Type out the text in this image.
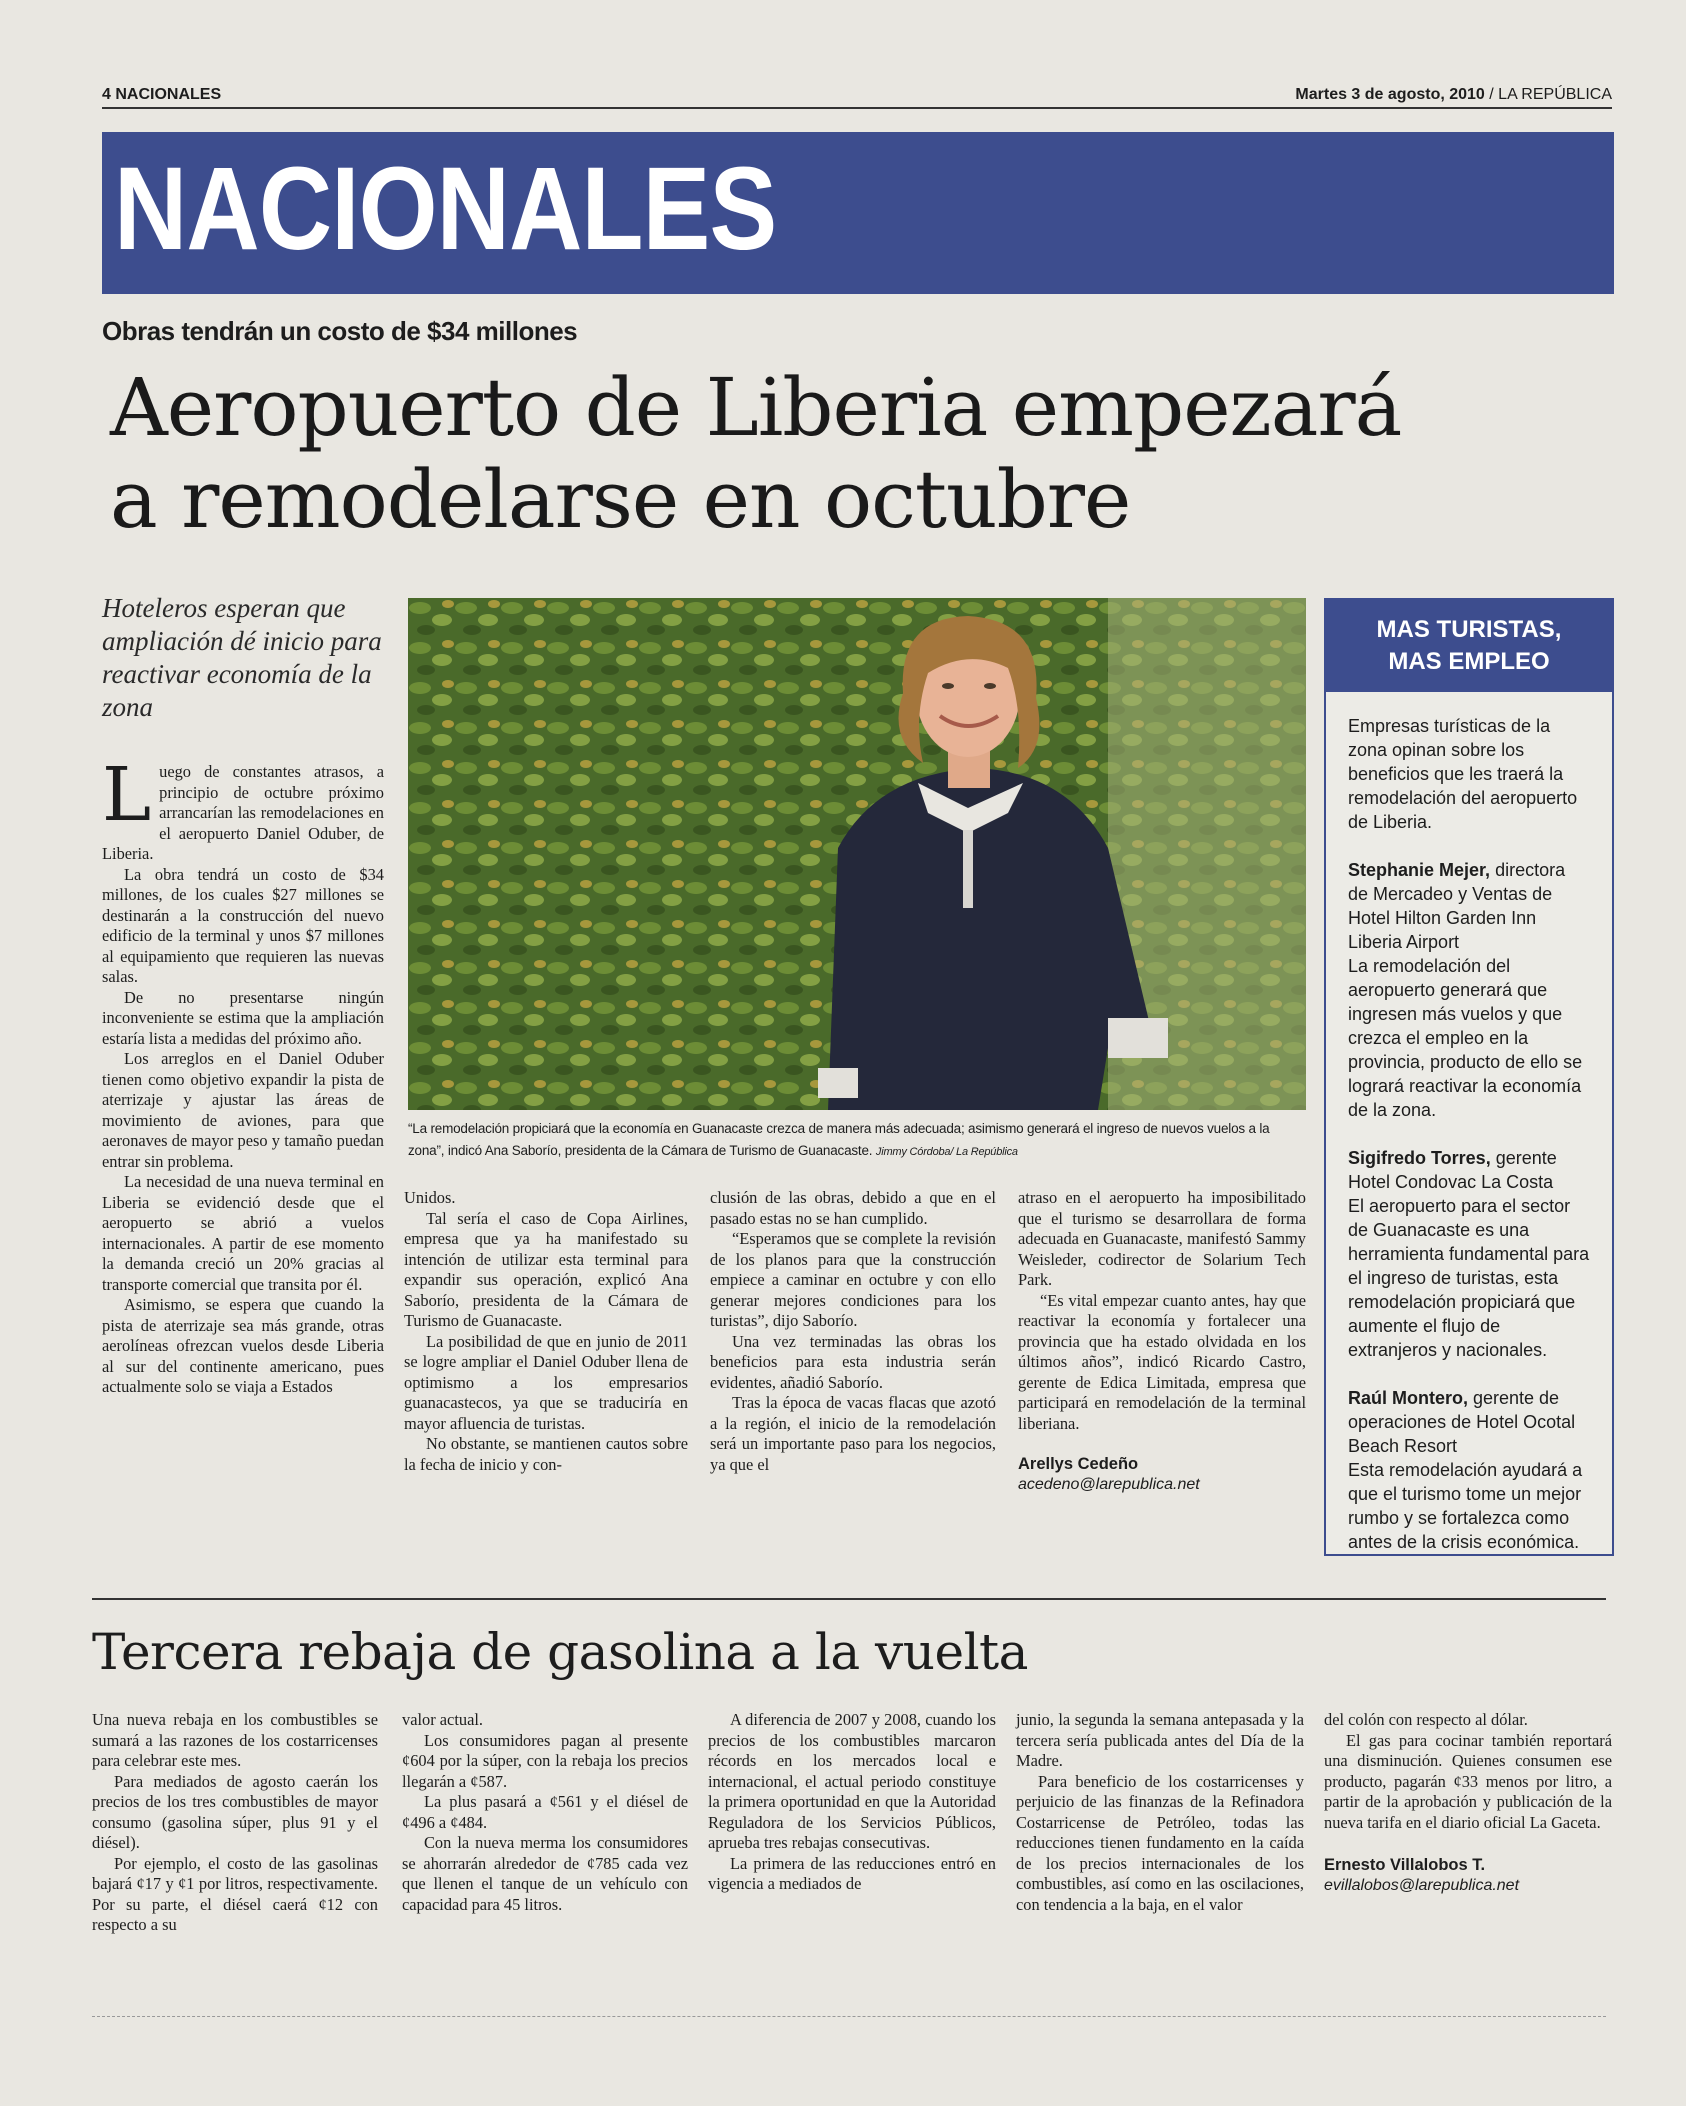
4 NACIONALES	Martes 3 de agosto, 2010 / LA REPÚBLICA
NACIONALES
Obras tendrán un costo de $34 millones
Aeropuerto de Liberia empezará
a remodelarse en octubre
Hoteleros esperan que ampliación dé inicio para reactivar economía de la zona

Luego de constantes atrasos, a principio de octubre próximo arrancarían las remodelaciones en el aeropuerto Daniel Oduber, de Liberia.

La obra tendrá un costo de $34 millones, de los cuales $27 millones se destinarán a la construcción del nuevo edificio de la terminal y unos $7 millones al equipamiento que requieren las nuevas salas.

De no presentarse ningún inconveniente se estima que la ampliación estaría lista a medidas del próximo año.

Los arreglos en el Daniel Oduber tienen como objetivo expandir la pista de aterrizaje y ajustar las áreas de movimiento de aviones, para que aeronaves de mayor peso y tamaño puedan entrar sin problema.

La necesidad de una nueva terminal en Liberia se evidenció desde que el aeropuerto se abrió a vuelos internacionales. A partir de ese momento la demanda creció un 20% gracias al transporte comercial que transita por él.

Asimismo, se espera que cuando la pista de aterrizaje sea más grande, otras aerolíneas ofrezcan vuelos desde Liberia al sur del continente americano, pues actualmente solo se viaja a Estados

“La remodelación propiciará que la economía en Guanacaste crezca de manera más adecuada; asimismo generará el ingreso de nuevos vuelos a la zona”, indicó Ana Saborío, presidenta de la Cámara de Turismo de Guanacaste. Jimmy Córdoba/ La República

Unidos.

Tal sería el caso de Copa Airlines, empresa que ya ha manifestado su intención de utilizar esta terminal para expandir sus operación, explicó Ana Saborío, presidenta de la Cámara de Turismo de Guanacaste.

La posibilidad de que en junio de 2011 se logre ampliar el Daniel Oduber llena de optimismo a los empresarios guanacastecos, ya que se traduciría en mayor afluencia de turistas.

No obstante, se mantienen cautos sobre la fecha de inicio y con-

clusión de las obras, debido a que en el pasado estas no se han cumplido.

“Esperamos que se complete la revisión de los planos para que la construcción empiece a caminar en octubre y con ello generar mejores condiciones para los turistas”, dijo Saborío.

Una vez terminadas las obras los beneficios para esta industria serán evidentes, añadió Saborío.

Tras la época de vacas flacas que azotó a la región, el inicio de la remodelación será un importante paso para los negocios, ya que el

atraso en el aeropuerto ha imposibilitado que el turismo se desarrollara de forma adecuada en Guanacaste, manifestó Sammy Weisleder, codirector de Solarium Tech Park.

“Es vital empezar cuanto antes, hay que reactivar la economía y fortalecer una provincia que ha estado olvidada en los últimos años”, indicó Ricardo Castro, gerente de Edica Limitada, empresa que participará en remodelación de la terminal liberiana.

Arellys Cedeño
acedeno@larepublica.net
MAS TURISTAS,
MAS EMPLEO

Empresas turísticas de la zona opinan sobre los beneficios que les traerá la remodelación del aeropuerto de Liberia.

Stephanie Mejer, directora de Mercadeo y Ventas de Hotel Hilton Garden Inn Liberia Airport
La remodelación del aeropuerto generará que ingresen más vuelos y que crezca el empleo en la provincia, producto de ello se logrará reactivar la economía de la zona.

Sigifredo Torres, gerente Hotel Condovac La Costa
El aeropuerto para el sector de Guanacaste es una herramienta fundamental para el ingreso de turistas, esta remodelación propiciará que aumente el flujo de extranjeros y nacionales.

Raúl Montero, gerente de operaciones de Hotel Ocotal Beach Resort
Esta remodelación ayudará a que el turismo tome un mejor rumbo y se fortalezca como antes de la crisis económica.

Tercera rebaja de gasolina a la vuelta

Una nueva rebaja en los combustibles se sumará a las razones de los costarricenses para celebrar este mes.

Para mediados de agosto caerán los precios de los tres combustibles de mayor consumo (gasolina súper, plus 91 y el diésel).

Por ejemplo, el costo de las gasolinas bajará ¢17 y ¢1 por litros, respectivamente. Por su parte, el diésel caerá ¢12 con respecto a su

valor actual.

Los consumidores pagan al presente ¢604 por la súper, con la rebaja los precios llegarán a ¢587.

La plus pasará a ¢561 y el diésel de ¢496 a ¢484.

Con la nueva merma los consumidores se ahorrarán alrededor de ¢785 cada vez que llenen el tanque de un vehículo con capacidad para 45 litros.

A diferencia de 2007 y 2008, cuando los precios de los combustibles marcaron récords en los mercados local e internacional, el actual periodo constituye la primera oportunidad en que la Autoridad Reguladora de los Servicios Públicos, aprueba tres rebajas consecutivas.

La primera de las reducciones entró en vigencia a mediados de

junio, la segunda la semana antepasada y la tercera sería publicada antes del Día de la Madre.

Para beneficio de los costarricenses y perjuicio de las finanzas de la Refinadora Costarricense de Petróleo, todas las reducciones tienen fundamento en la caída de los precios internacionales de los combustibles, así como en las oscilaciones, con tendencia a la baja, en el valor

del colón con respecto al dólar.

El gas para cocinar también reportará una disminución. Quienes consumen ese producto, pagarán ¢33 menos por litro, a partir de la aprobación y publicación de la nueva tarifa en el diario oficial La Gaceta.

Ernesto Villalobos T.
evillalobos@larepublica.net
